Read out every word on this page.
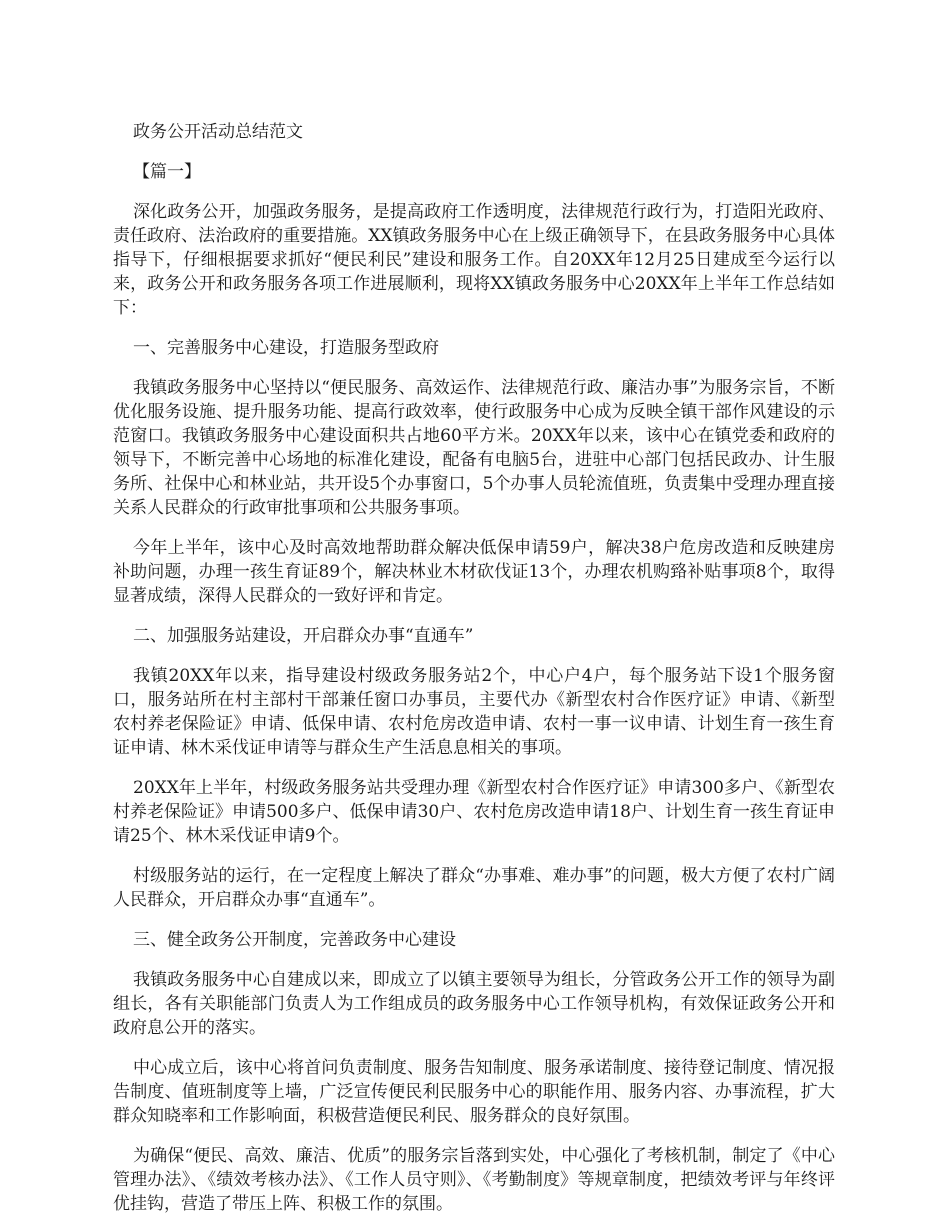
政务公开活动总结范文

【篇一】

深化政务公开，加强政务服务，是提高政府工作透明度，法律规范行政行为，打造阳光政府、责任政府、法治政府的重要措施。XX镇政务服务中心在上级正确领导下，在县政务服务中心具体指导下，仔细根据要求抓好“便民利民”建设和服务工作。自20XX年12月25日建成至今运行以来，政务公开和政务服务各项工作进展顺利，现将XX镇政务服务中心20XX年上半年工作总结如下：

一、完善服务中心建设，打造服务型政府

我镇政务服务中心坚持以“便民服务、高效运作、法律规范行政、廉洁办事”为服务宗旨，不断优化服务设施、提升服务功能、提高行政效率，使行政服务中心成为反映全镇干部作风建设的示范窗口。我镇政务服务中心建设面积共占地60平方米。20XX年以来，该中心在镇党委和政府的领导下，不断完善中心场地的标准化建设，配备有电脑5台，进驻中心部门包括民政办、计生服务所、社保中心和林业站，共开设5个办事窗口，5个办事人员轮流值班，负责集中受理办理直接关系人民群众的行政审批事项和公共服务事项。

今年上半年，该中心及时高效地帮助群众解决低保申请59户，解决38户危房改造和反映建房补助问题，办理一孩生育证89个，解决林业木材砍伐证13个，办理农机购臵补贴事项8个，取得显著成绩，深得人民群众的一致好评和肯定。

二、加强服务站建设，开启群众办事“直通车”

我镇20XX年以来，指导建设村级政务服务站2个，中心户4户，每个服务站下设1个服务窗口，服务站所在村主部村干部兼任窗口办事员，主要代办《新型农村合作医疗证》申请、《新型农村养老保险证》申请、低保申请、农村危房改造申请、农村一事一议申请、计划生育一孩生育证申请、林木采伐证申请等与群众生产生活息息相关的事项。

20XX年上半年，村级政务服务站共受理办理《新型农村合作医疗证》申请300多户、《新型农村养老保险证》申请500多户、低保申请30户、农村危房改造申请18户、计划生育一孩生育证申请25个、林木采伐证申请9个。

村级服务站的运行，在一定程度上解决了群众“办事难、难办事”的问题，极大方便了农村广阔人民群众，开启群众办事“直通车”。

三、健全政务公开制度，完善政务中心建设

我镇政务服务中心自建成以来，即成立了以镇主要领导为组长，分管政务公开工作的领导为副组长，各有关职能部门负责人为工作组成员的政务服务中心工作领导机构，有效保证政务公开和政府息公开的落实。

中心成立后，该中心将首问负责制度、服务告知制度、服务承诺制度、接待登记制度、情况报告制度、值班制度等上墙，广泛宣传便民利民服务中心的职能作用、服务内容、办事流程，扩大群众知晓率和工作影响面，积极营造便民利民、服务群众的良好氛围。

为确保“便民、高效、廉洁、优质”的服务宗旨落到实处，中心强化了考核机制，制定了《中心管理办法》、《绩效考核办法》、《工作人员守则》、《考勤制度》等规章制度，把绩效考评与年终评优挂钩，营造了带压上阵、积极工作的氛围。
